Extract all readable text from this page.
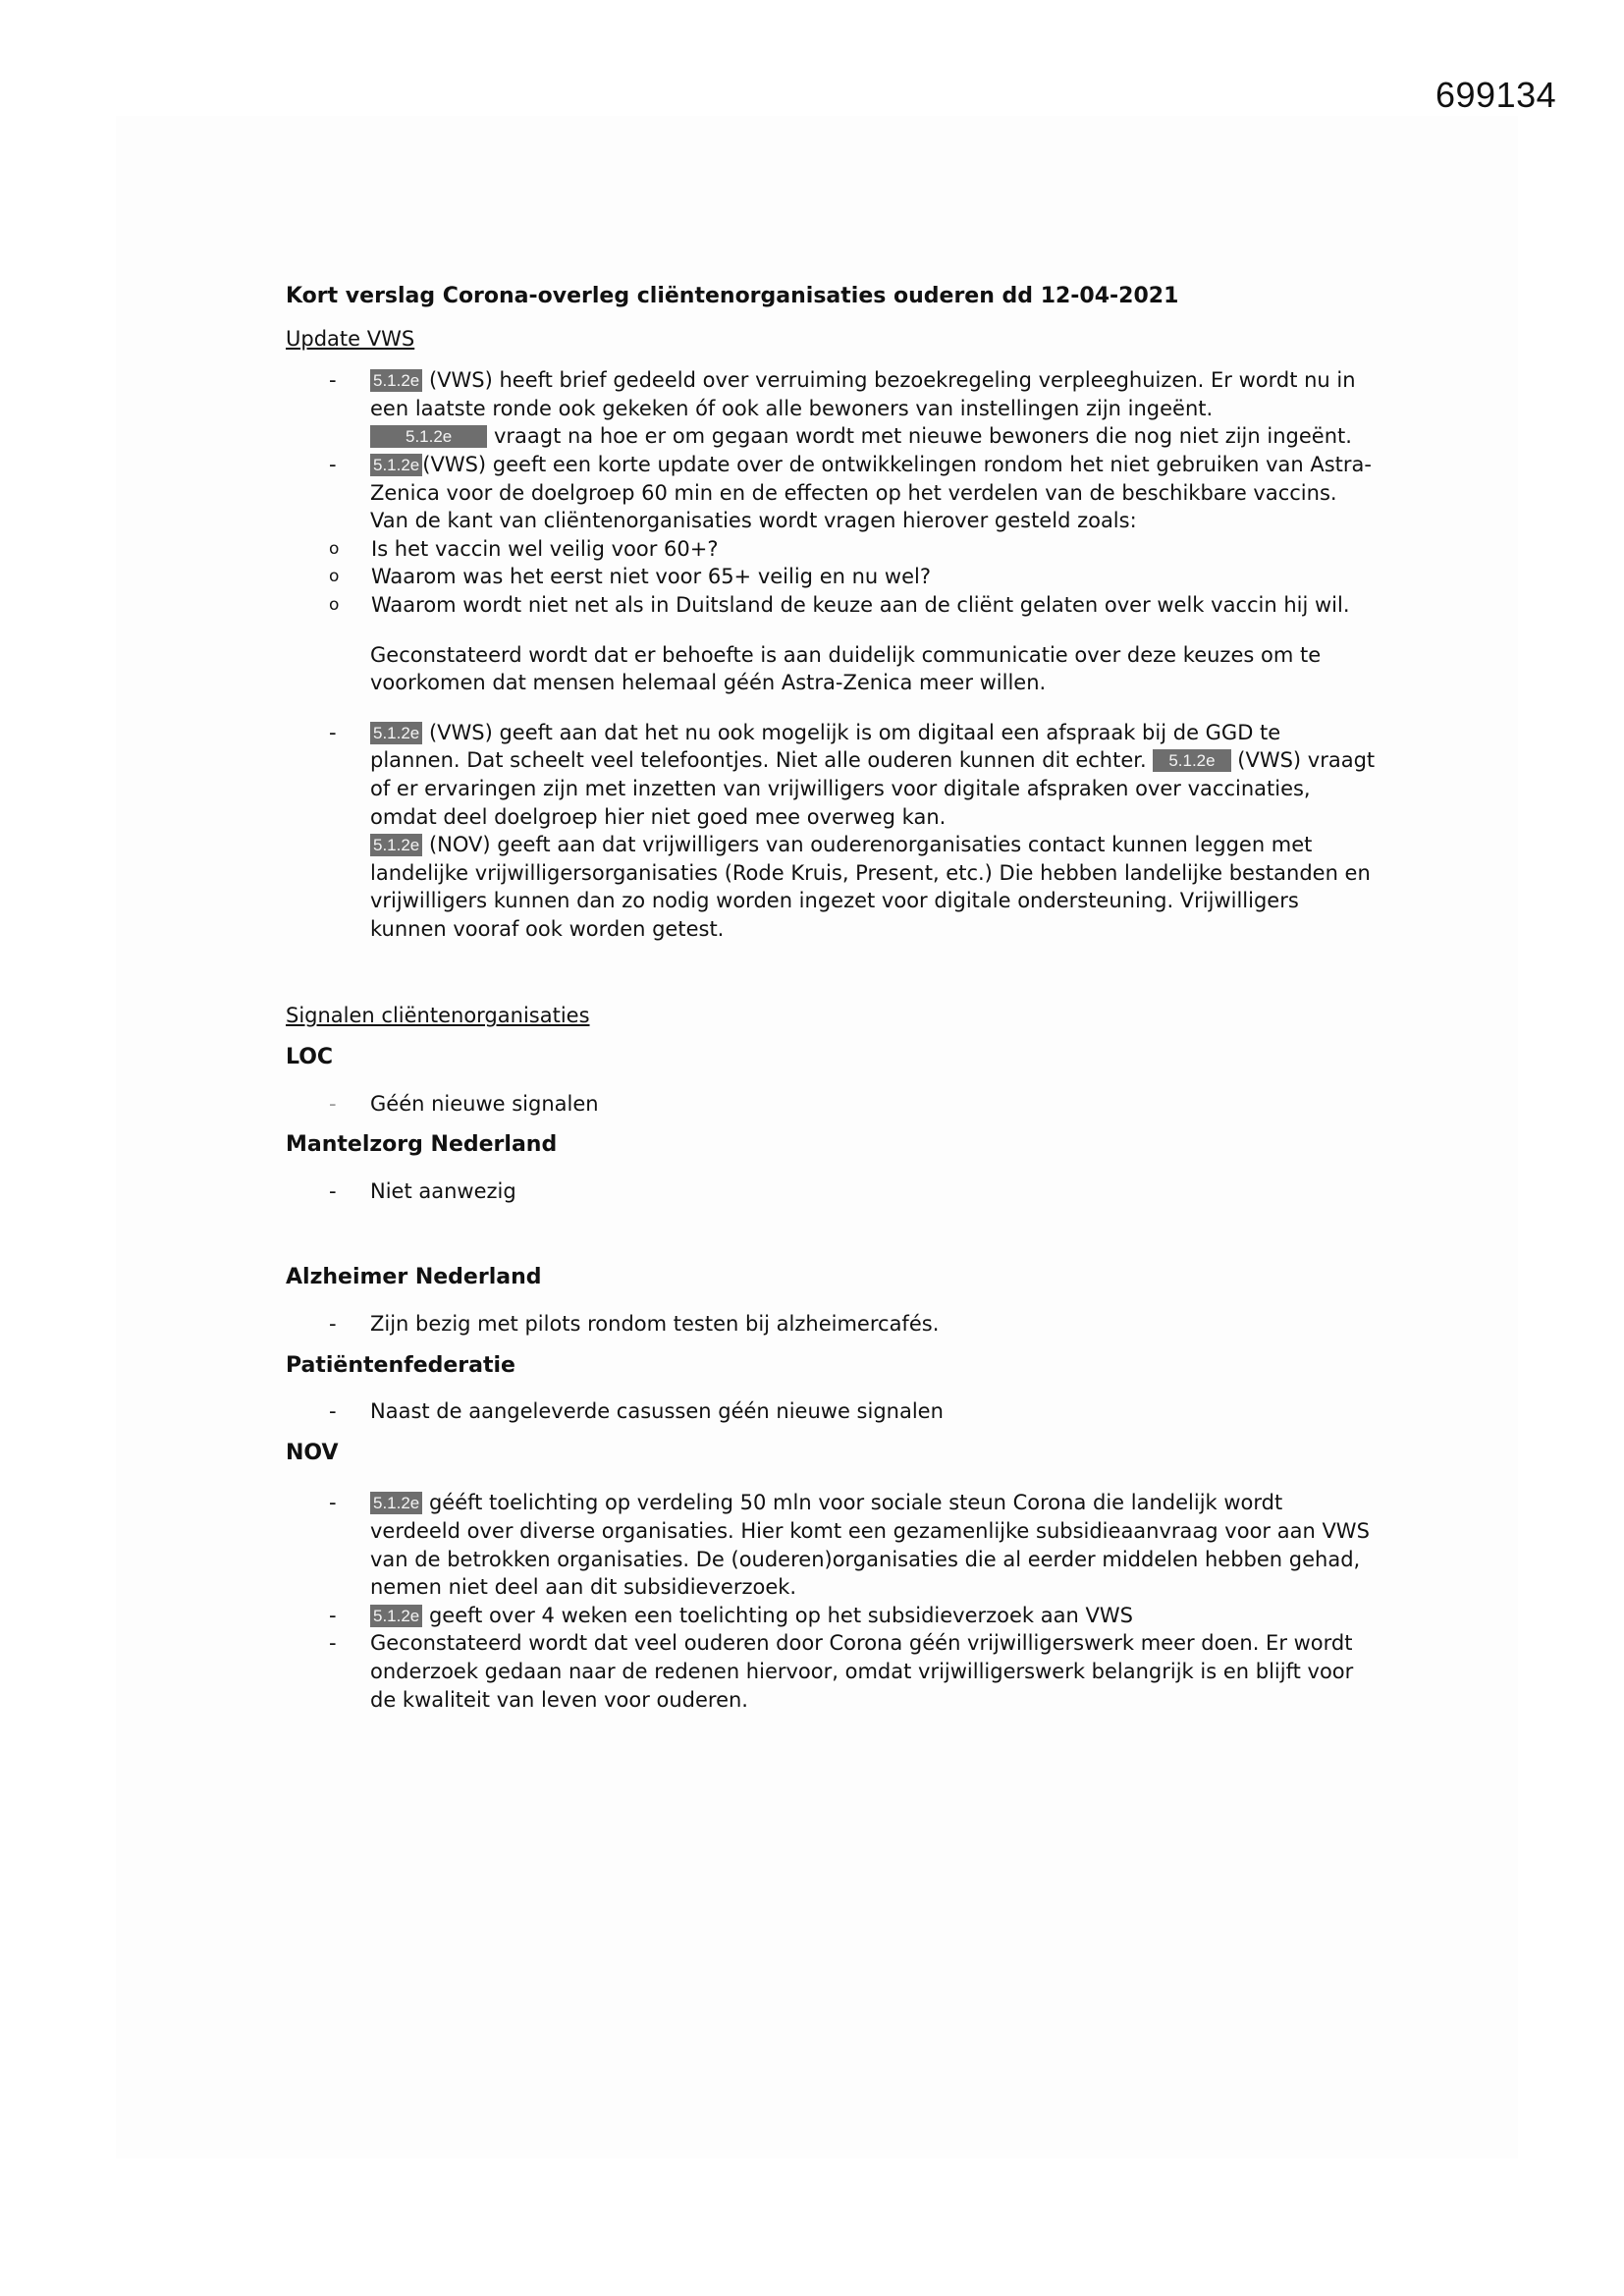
699134
Kort verslag Corona-overleg cliëntenorganisaties ouderen dd 12-04-2021
Update VWS
- 5.1.2e (VWS) heeft brief gedeeld over verruiming bezoekregeling verpleeghuizen. Er wordt nu in een laatste ronde ook gekeken óf ook alle bewoners van instellingen zijn ingeënt.
5.1.2e vraagt na hoe er om gegaan wordt met nieuwe bewoners die nog niet zijn ingeënt.
- 5.1.2e (VWS) geeft een korte update over de ontwikkelingen rondom het niet gebruiken van Astra-Zenica voor de doelgroep 60 min en de effecten op het verdelen van de beschikbare vaccins. Van de kant van cliëntenorganisaties wordt vragen hierover gesteld zoals:
o Is het vaccin wel veilig voor 60+?
o Waarom was het eerst niet voor 65+ veilig en nu wel?
o Waarom wordt niet net als in Duitsland de keuze aan de cliënt gelaten over welk vaccin hij wil.
Geconstateerd wordt dat er behoefte is aan duidelijk communicatie over deze keuzes om te voorkomen dat mensen helemaal géén Astra-Zenica meer willen.
- 5.1.2e (VWS) geeft aan dat het nu ook mogelijk is om digitaal een afspraak bij de GGD te plannen. Dat scheelt veel telefoontjes. Niet alle ouderen kunnen dit echter. 5.1.2e (VWS) vraagt of er ervaringen zijn met inzetten van vrijwilligers voor digitale afspraken over vaccinaties, omdat deel doelgroep hier niet goed mee overweg kan.
5.1.2e (NOV) geeft aan dat vrijwilligers van ouderenorganisaties contact kunnen leggen met landelijke vrijwilligersorganisaties (Rode Kruis, Present, etc.) Die hebben landelijke bestanden en vrijwilligers kunnen dan zo nodig worden ingezet voor digitale ondersteuning. Vrijwilligers kunnen vooraf ook worden getest.
Signalen cliëntenorganisaties
LOC
- Géén nieuwe signalen
Mantelzorg Nederland
- Niet aanwezig
Alzheimer Nederland
- Zijn bezig met pilots rondom testen bij alzheimercafés.
Patiëntenfederatie
- Naast de aangeleverde casussen géén nieuwe signalen
NOV
- 5.1.2e gééft toelichting op verdeling 50 mln voor sociale steun Corona die landelijk wordt verdeeld over diverse organisaties. Hier komt een gezamenlijke subsidieaanvraag voor aan VWS van de betrokken organisaties. De (ouderen)organisaties die al eerder middelen hebben gehad, nemen niet deel aan dit subsidieverzoek.
- 5.1.2e geeft over 4 weken een toelichting op het subsidieverzoek aan VWS
- Geconstateerd wordt dat veel ouderen door Corona géén vrijwilligerswerk meer doen. Er wordt onderzoek gedaan naar de redenen hiervoor, omdat vrijwilligerswerk belangrijk is en blijft voor de kwaliteit van leven voor ouderen.
